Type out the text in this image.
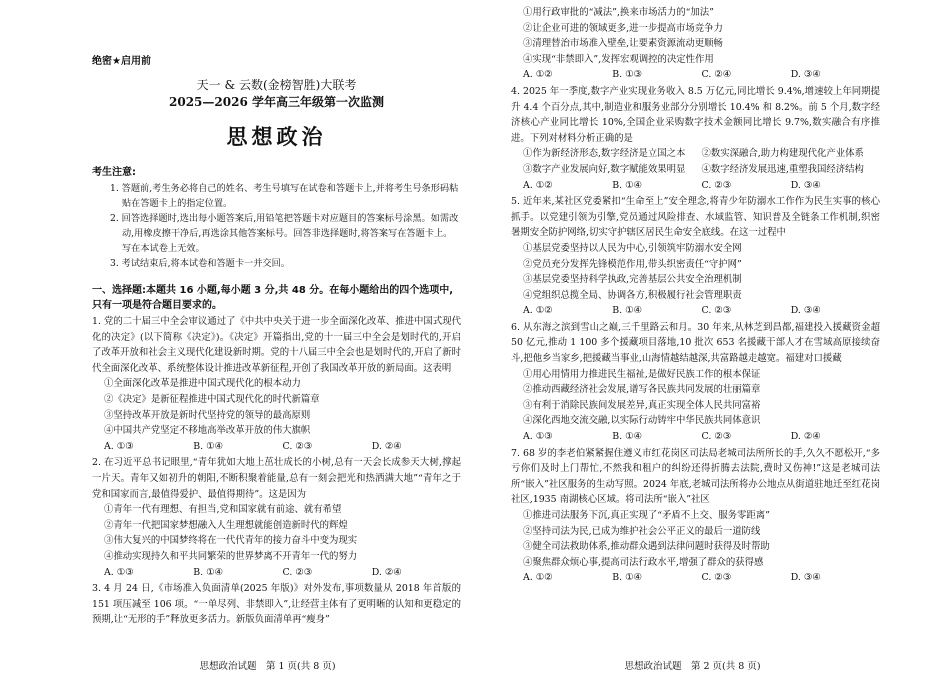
绝密★启用前
天一 & 云数(金榜智胜)大联考
2025—2026 学年高三年级第一次监测
思想政治
考生注意:
1. 答题前,考生务必将自己的姓名、考生号填写在试卷和答题卡上,并将考生号条形码粘贴在答题卡上的指定位置。
2. 回答选择题时,选出每小题答案后,用铅笔把答题卡对应题目的答案标号涂黑。如需改动,用橡皮擦干净后,再选涂其他答案标号。回答非选择题时,将答案写在答题卡上。写在本试卷上无效。
3. 考试结束后,将本试卷和答题卡一并交回。
一、选择题:本题共 16 小题,每小题 3 分,共 48 分。在每小题给出的四个选项中,只有一项是符合题目要求的。
1. 党的二十届三中全会审议通过了《中共中央关于进一步全面深化改革、推进中国式现代化的决定》(以下简称《决定》)。《决定》开篇指出,党的十一届三中全会是划时代的,开启了改革开放和社会主义现代化建设新时期。党的十八届三中全会也是划时代的,开启了新时代全面深化改革、系统整体设计推进改革新征程,开创了我国改革开放的新局面。这表明
①全面深化改革是推进中国式现代化的根本动力
②《决定》是新征程推进中国式现代化的时代新篇章
③坚持改革开放是新时代坚持党的领导的最高原则
④中国共产党坚定不移地高举改革开放的伟大旗帜
A. ①③	B. ①④	C. ②③	D. ②④
2. 在习近平总书记眼里,“青年犹如大地上茁壮成长的小树,总有一天会长成参天大树,撑起一片天。青年又如初升的朝阳,不断积聚着能量,总有一刻会把光和热洒满大地”“青年之于党和国家而言,最值得爱护、最值得期待”。这是因为
①青年一代有理想、有担当,党和国家就有前途、就有希望
②青年一代把国家梦想融入人生理想就能创造新时代的辉煌
③伟大复兴的中国梦终将在一代代青年的接力奋斗中变为现实
④推动实现持久和平共同繁荣的世界梦离不开青年一代的努力
A. ①③	B. ①④	C. ②③	D. ②④
3. 4 月 24 日,《市场准入负面清单(2025 年版)》对外发布,事项数量从 2018 年首版的 151 项压减至 106 项。“一单尽列、非禁即入”,让经营主体有了更明晰的认知和更稳定的预期,让“无形的手”释放更多活力。新版负面清单再“瘦身”
思想政治试题　第 1 页(共 8 页)
①用行政审批的“减法”,换来市场活力的“加法”
②让企业可进的领域更多,进一步提高市场竞争力
③清理替治市场准入壁垒,让要素资源流动更顺畅
④实现“非禁即入”,发挥宏观调控的决定性作用
A. ①②	B. ①③	C. ②④	D. ③④
4. 2025 年一季度,数字产业实现业务收入 8.5 万亿元,同比增长 9.4%,增速较上年同期提升 4.4 个百分点,其中,制造业和服务业部分分别增长 10.4% 和 8.2%。前 5 个月,数字经济核心产业同比增长 10%,全国企业采购数字技术金额同比增长 9.7%,数实融合有序推进。下列对材料分析正确的是
①作为新经济形态,数字经济是立国之本	②数实深融合,助力构建现代化产业体系
③数字产业发展向好,数字赋能效果明显	④数字经济发展迅速,重塑我国经济结构
A. ①②	B. ①④	C. ②③	D. ③④
5. 近年来,某社区党委紧扣“生命至上”安全理念,将青少年防溺水工作作为民生实事的核心抓手。以党建引领为引擎,党员通过风险排查、水域监管、知识普及全链条工作机制,织密暑期安全防护网络,切实守护辖区居民生命安全底线。在这一过程中
①基层党委坚持以人民为中心,引领筑牢防溺水安全网
②党员充分发挥先锋模范作用,带头织密责任“守护网”
③基层党委坚持科学执政,完善基层公共安全治理机制
④党组织总揽全局、协调各方,积极履行社会管理职责
A. ①②	B. ①④	C. ②③	D. ③④
6. 从东海之滨到雪山之巅,三千里路云和月。30 年来,从林芝到昌都,福建投入援藏资金超 50 亿元,推动 1 100 多个援藏项目落地,10 批次 653 名援藏干部人才在雪域高原接续奋斗,把他乡当家乡,把援藏当事业,山海情越结越深,共富路越走越宽。福建对口援藏
①用心用情用力推进民生福祉,是做好民族工作的根本保证
②推动西藏经济社会发展,谱写各民族共同发展的壮丽篇章
③有利于消除民族间发展差异,真正实现全体人民共同富裕
④深化西地交流交融,以实际行动铸牢中华民族共同体意识
A. ①③	B. ①④	C. ②③	D. ②④
7. 68 岁的李老伯紧紧握住遵义市红花岗区司法局老城司法所所长的手,久久不愿松开,“多亏你们及时上门帮忙,不然我和租户的纠纷还得折腾去法院,费时又伤神!”这是老城司法所“嵌入”社区服务的生动写照。2024 年底,老城司法所将办公地点从街道驻地迁至红花岗社区,1935 南湖核心区域。将司法所“嵌入”社区
①推进司法服务下沉,真正实现了“矛盾不上交、服务零距离”
②坚持司法为民,已成为维护社会公平正义的最后一道防线
③健全司法救助体系,推动群众遇到法律问题时获得及时帮助
④聚焦群众烦心事,提高司法行政水平,增强了群众的获得感
A. ①②	B. ①④	C. ②③	D. ③④
思想政治试题　第 2 页(共 8 页)
